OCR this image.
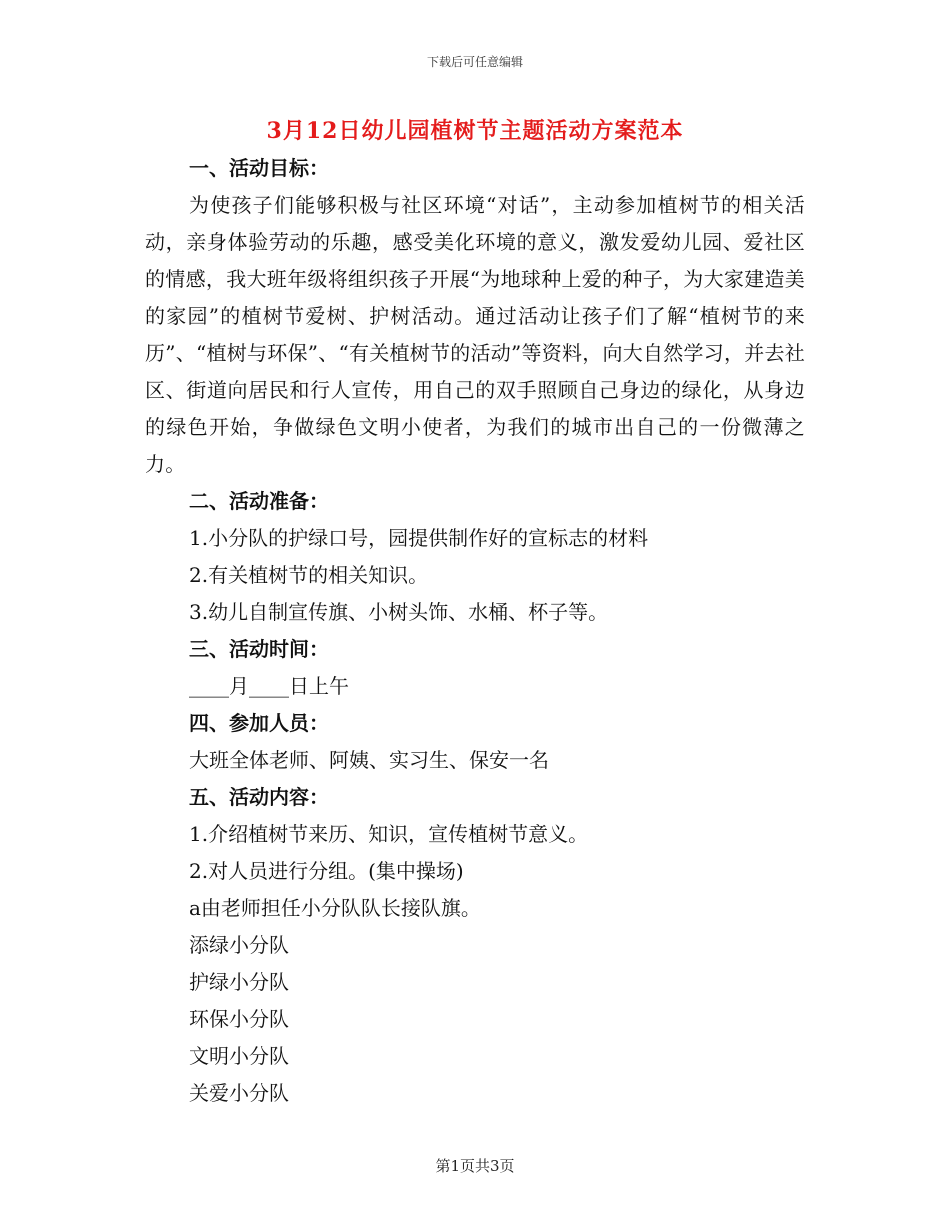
下载后可任意编辑
3月12日幼儿园植树节主题活动方案范本
一、活动目标：

为使孩子们能够积极与社区环境“对话”，主动参加植树节的相关活动，亲身体验劳动的乐趣，感受美化环境的意义，激发爱幼儿园、爱社区的情感，我大班年级将组织孩子开展“为地球种上爱的种子，为大家建造美的家园”的植树节爱树、护树活动。通过活动让孩子们了解“植树节的来历”、“植树与环保”、“有关植树节的活动”等资料，向大自然学习，并去社区、街道向居民和行人宣传，用自己的双手照顾自己身边的绿化，从身边的绿色开始，争做绿色文明小使者，为我们的城市出自己的一份微薄之力。

二、活动准备：
1.小分队的护绿口号，园提供制作好的宣标志的材料
2.有关植树节的相关知识。
3.幼儿自制宣传旗、小树头饰、水桶、杯子等。
三、活动时间：
____月____日上午
四、参加人员：
大班全体老师、阿姨、实习生、保安一名
五、活动内容：
1.介绍植树节来历、知识，宣传植树节意义。
2.对人员进行分组。(集中操场)
a由老师担任小分队队长接队旗。
添绿小分队
护绿小分队
环保小分队
文明小分队
关爱小分队
第1页共3页
